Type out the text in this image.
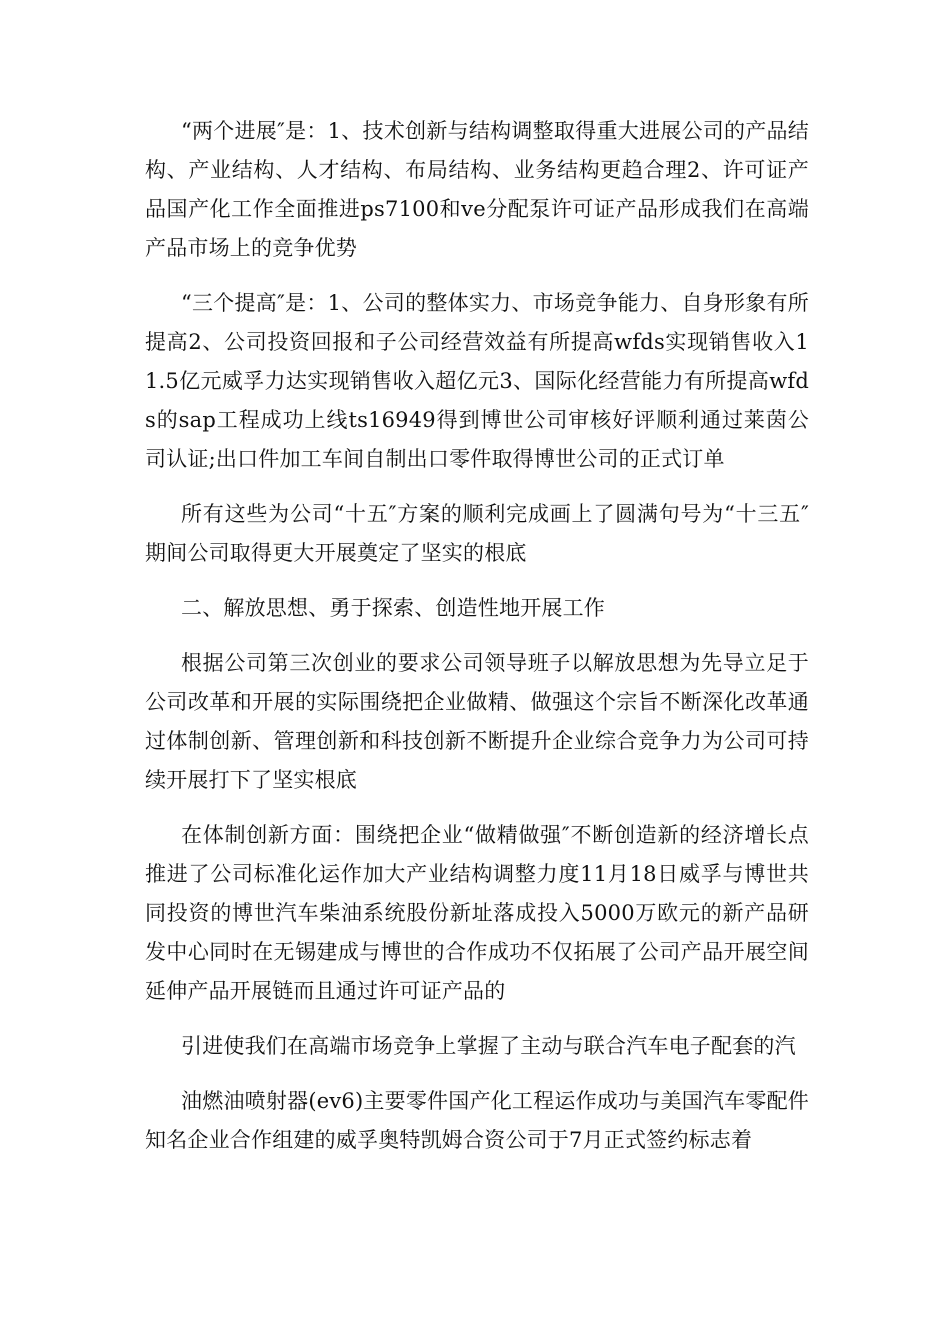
“两个进展″是：1、技术创新与结构调整取得重大进展公司的产品结构、产业结构、人才结构、布局结构、业务结构更趋合理2、许可证产品国产化工作全面推进ps7100和ve分配泵许可证产品形成我们在高端产品市场上的竞争优势

“三个提高″是：1、公司的整体实力、市场竞争能力、自身形象有所提高2、公司投资回报和子公司经营效益有所提高wfds实现销售收入11.5亿元威孚力达实现销售收入超亿元3、国际化经营能力有所提高wfds的sap工程成功上线ts16949得到博世公司审核好评顺利通过莱茵公司认证;出口件加工车间自制出口零件取得博世公司的正式订单

所有这些为公司“十五″方案的顺利完成画上了圆满句号为“十三五″期间公司取得更大开展奠定了坚实的根底

二、解放思想、勇于探索、创造性地开展工作

根据公司第三次创业的要求公司领导班子以解放思想为先导立足于公司改革和开展的实际围绕把企业做精、做强这个宗旨不断深化改革通过体制创新、管理创新和科技创新不断提升企业综合竞争力为公司可持续开展打下了坚实根底

在体制创新方面：围绕把企业“做精做强″不断创造新的经济增长点推进了公司标准化运作加大产业结构调整力度11月18日威孚与博世共同投资的博世汽车柴油系统股份新址落成投入5000万欧元的新产品研发中心同时在无锡建成与博世的合作成功不仅拓展了公司产品开展空间延伸产品开展链而且通过许可证产品的

引进使我们在高端市场竞争上掌握了主动与联合汽车电子配套的汽

油燃油喷射器(ev6)主要零件国产化工程运作成功与美国汽车零配件知名企业合作组建的威孚奥特凯姆合资公司于7月正式签约标志着
